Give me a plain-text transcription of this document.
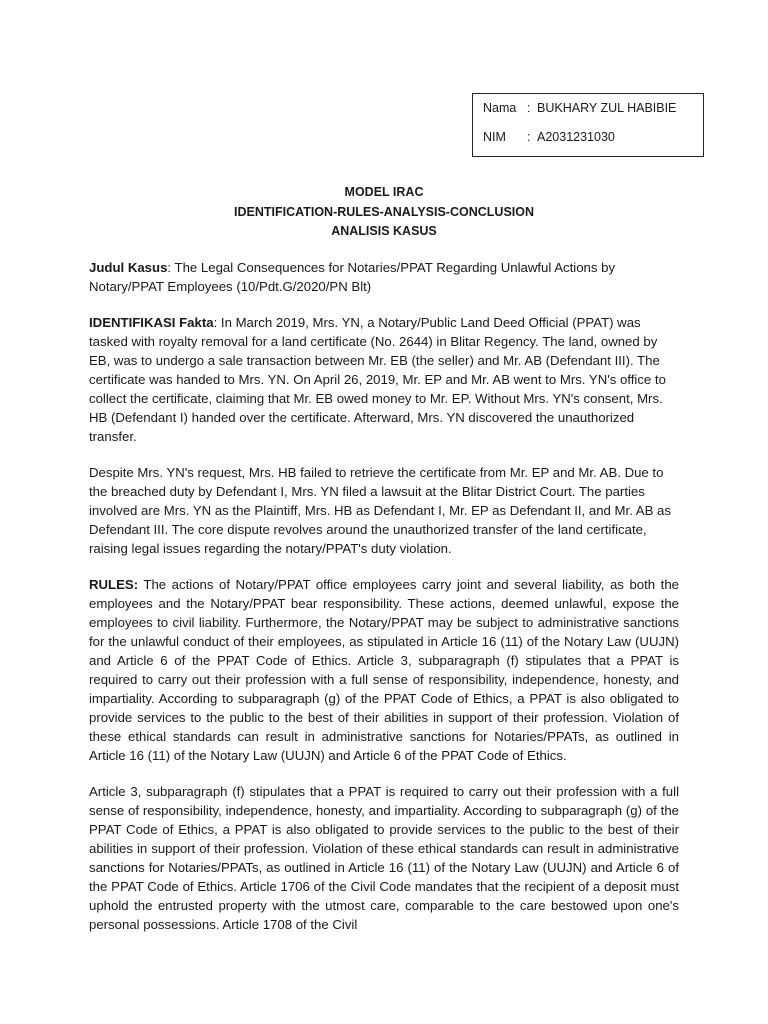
Nama : BUKHARY ZUL HABIBIE
NIM	: A2031231030
MODEL IRAC
IDENTIFICATION-RULES-ANALYSIS-CONCLUSION
ANALISIS KASUS

Judul Kasus: The Legal Consequences for Notaries/PPAT Regarding Unlawful Actions by Notary/PPAT Employees (10/Pdt.G/2020/PN Blt)

IDENTIFIKASI Fakta: In March 2019, Mrs. YN, a Notary/Public Land Deed Official (PPAT) was tasked with royalty removal for a land certificate (No. 2644) in Blitar Regency. The land, owned by EB, was to undergo a sale transaction between Mr. EB (the seller) and Mr. AB (Defendant III). The certificate was handed to Mrs. YN. On April 26, 2019, Mr. EP and Mr. AB went to Mrs. YN's office to collect the certificate, claiming that Mr. EB owed money to Mr. EP. Without Mrs. YN's consent, Mrs. HB (Defendant I) handed over the certificate. Afterward, Mrs. YN discovered the unauthorized transfer.

Despite Mrs. YN's request, Mrs. HB failed to retrieve the certificate from Mr. EP and Mr. AB. Due to the breached duty by Defendant I, Mrs. YN filed a lawsuit at the Blitar District Court. The parties involved are Mrs. YN as the Plaintiff, Mrs. HB as Defendant I, Mr. EP as Defendant II, and Mr. AB as Defendant III. The core dispute revolves around the unauthorized transfer of the land certificate, raising legal issues regarding the notary/PPAT's duty violation.

RULES: The actions of Notary/PPAT office employees carry joint and several liability, as both the employees and the Notary/PPAT bear responsibility. These actions, deemed unlawful, expose the employees to civil liability. Furthermore, the Notary/PPAT may be subject to administrative sanctions for the unlawful conduct of their employees, as stipulated in Article 16 (11) of the Notary Law (UUJN) and Article 6 of the PPAT Code of Ethics. Article 3, subparagraph (f) stipulates that a PPAT is required to carry out their profession with a full sense of responsibility, independence, honesty, and impartiality. According to subparagraph (g) of the PPAT Code of Ethics, a PPAT is also obligated to provide services to the public to the best of their abilities in support of their profession. Violation of these ethical standards can result in administrative sanctions for Notaries/PPATs, as outlined in Article 16 (11) of the Notary Law (UUJN) and Article 6 of the PPAT Code of Ethics.

Article 3, subparagraph (f) stipulates that a PPAT is required to carry out their profession with a full sense of responsibility, independence, honesty, and impartiality. According to subparagraph (g) of the PPAT Code of Ethics, a PPAT is also obligated to provide services to the public to the best of their abilities in support of their profession. Violation of these ethical standards can result in administrative sanctions for Notaries/PPATs, as outlined in Article 16 (11) of the Notary Law (UUJN) and Article 6 of the PPAT Code of Ethics. Article 1706 of the Civil Code mandates that the recipient of a deposit must uphold the entrusted property with the utmost care, comparable to the care bestowed upon one's personal possessions. Article 1708 of the Civil
